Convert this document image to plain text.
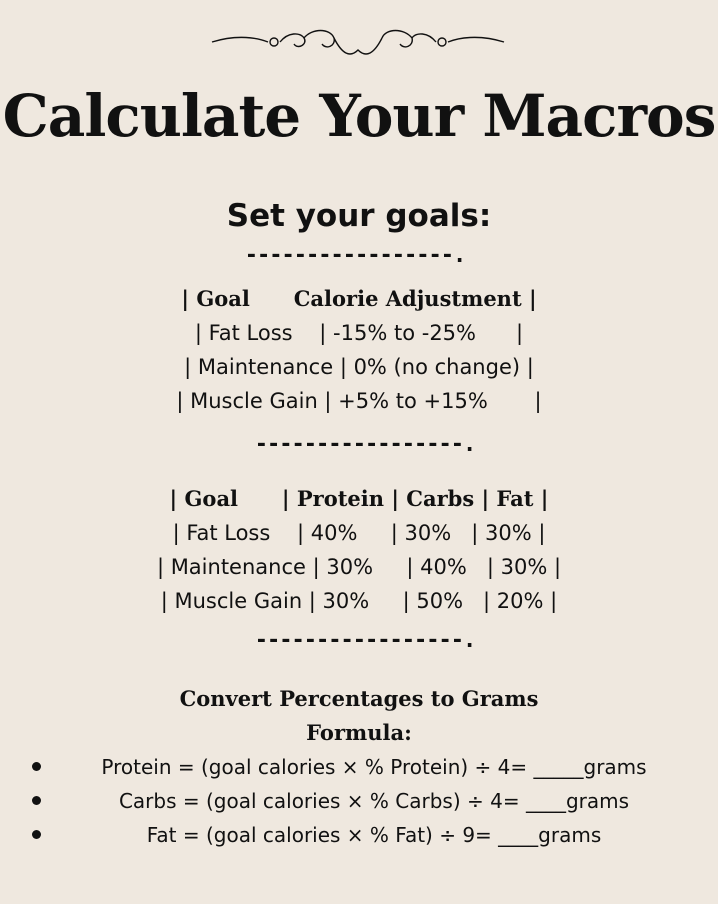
Calculate Your Macros
Set your goals:
-----------------.
| Goal      Calorie Adjustment |
| Fat Loss    | -15% to -25%      |
| Maintenance | 0% (no change) |
| Muscle Gain | +5% to +15%       |
-----------------.
| Goal      | Protein | Carbs | Fat |
| Fat Loss    | 40%     | 30%   | 30% |
| Maintenance | 30%     | 40%   | 30% |
| Muscle Gain | 30%     | 50%   | 20% |
-----------------.
Convert Percentages to Grams
Formula:
Protein = (goal calories × % Protein) ÷ 4= _____grams
Carbs = (goal calories × % Carbs) ÷ 4= ____grams
Fat = (goal calories × % Fat) ÷ 9= ____grams
